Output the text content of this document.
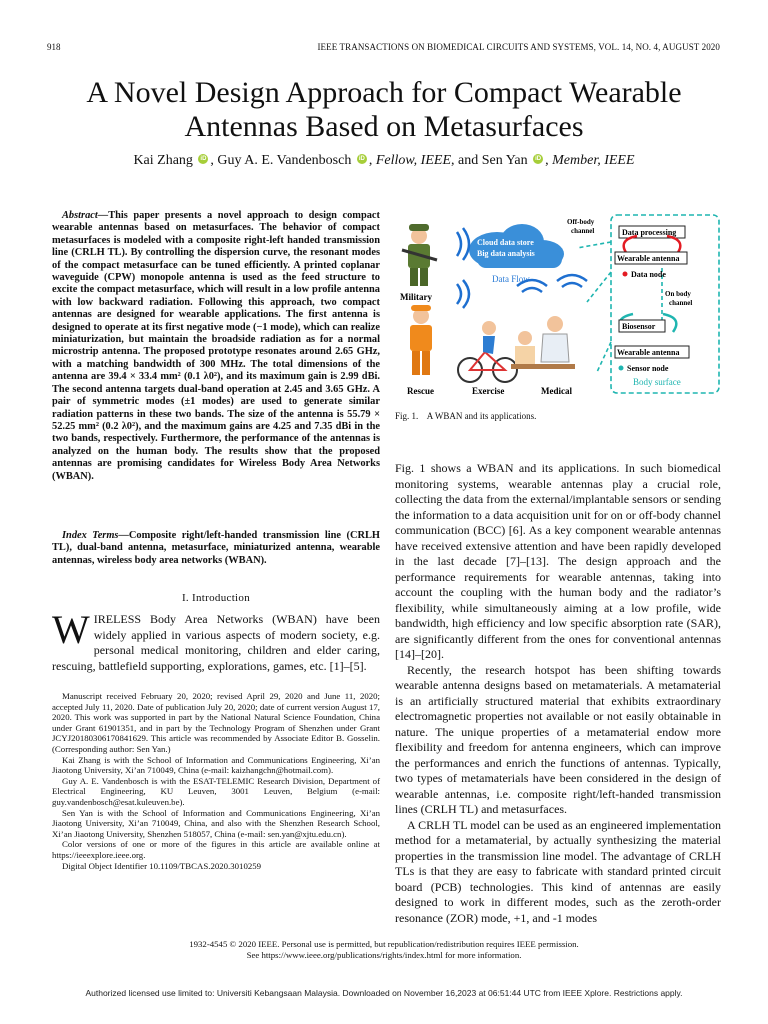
918	IEEE TRANSACTIONS ON BIOMEDICAL CIRCUITS AND SYSTEMS, VOL. 14, NO. 4, AUGUST 2020
A Novel Design Approach for Compact Wearable Antennas Based on Metasurfaces
Kai Zhang iD , Guy A. E. Vandenbosch iD , Fellow, IEEE, and Sen Yan iD , Member, IEEE
Abstract—This paper presents a novel approach to design compact wearable antennas based on metasurfaces. The behavior of compact metasurfaces is modeled with a composite right-left handed transmission line (CRLH TL). By controlling the dispersion curve, the resonant modes of the compact metasurface can be tuned efficiently. A printed coplanar waveguide (CPW) monopole antenna is used as the feed structure to excite the compact metasurface, which will result in a low profile antenna with low backward radiation. Following this approach, two compact antennas are designed for wearable applications. The first antenna is designed to operate at its first negative mode (−1 mode), which can realize miniaturization, but maintain the broadside radiation as for a normal microstrip antenna. The proposed prototype resonates around 2.65 GHz, with a matching bandwidth of 300 MHz. The total dimensions of the antenna are 39.4 × 33.4 mm² (0.1 λ0²), and its maximum gain is 2.99 dBi. The second antenna targets dual-band operation at 2.45 and 3.65 GHz. A pair of symmetric modes (±1 modes) are used to generate similar radiation patterns in these two bands. The size of the antenna is 55.79 × 52.25 mm² (0.2 λ0²), and the maximum gains are 4.25 and 7.35 dBi in the two bands, respectively. Furthermore, the performance of the antennas is analyzed on the human body. The results show that the proposed antennas are promising candidates for Wireless Body Area Networks (WBAN).
Index Terms—Composite right/left-handed transmission line (CRLH TL), dual-band antenna, metasurface, miniaturized antenna, wearable antennas, wireless body area networks (WBAN).
I. Introduction
WIRELESS Body Area Networks (WBAN) have been widely applied in various aspects of modern society, e.g. personal medical monitoring, children and elder caring, rescuing, battlefield supporting, explorations, games, etc. [1]–[5].

Manuscript received February 20, 2020; revised April 29, 2020 and June 11, 2020; accepted July 11, 2020. Date of publication July 20, 2020; date of current version August 17, 2020. This work was supported in part by the National Natural Science Foundation, China under Grant 61901351, and in part by the Technology Program of Shenzhen under Grant JCYJ20180306170841629. This article was recommended by Associate Editor B. Gosselin. (Corresponding author: Sen Yan.)

Kai Zhang is with the School of Information and Communications Engineering, Xi’an Jiaotong University, Xi’an 710049, China (e-mail: kaizhangchn@hotmail.com).

Guy A. E. Vandenbosch is with the ESAT-TELEMIC Research Division, Department of Electrical Engineering, KU Leuven, 3001 Leuven, Belgium (e-mail: guy.vandenbosch@esat.kuleuven.be).

Sen Yan is with the School of Information and Communications Engineering, Xi’an Jiaotong University, Xi’an 710049, China, and also with the Shenzhen Research School, Xi’an Jiaotong University, Shenzhen 518057, China (e-mail: sen.yan@xjtu.edu.cn).

Color versions of one or more of the figures in this article are available online at https://ieeexplore.ieee.org.

Digital Object Identifier 10.1109/TBCAS.2020.3010259

Cloud data store
Big data analysis
Data Flow
Military
Rescue	Exercise	Medical
Off-body
channel	Data processing
Wearable antenna
Data node
On body
channel
Biosensor
Wearable antenna
Sensor node
Body surface
Fig. 1.    A WBAN and its applications.

Fig. 1 shows a WBAN and its applications. In such biomedical monitoring systems, wearable antennas play a crucial role, collecting the data from the external/implantable sensors or sending the information to a data acquisition unit for on or off-body channel communication (BCC) [6]. As a key component wearable antennas have received extensive attention and have been rapidly developed in the last decade [7]–[13]. The design approach and the performance requirements for wearable antennas, taking into account the coupling with the human body and the radiator’s flexibility, while simultaneously aiming at a low profile, wide bandwidth, high efficiency and low specific absorption rate (SAR), are significantly different from the ones for conventional antennas [14]–[20].

Recently, the research hotspot has been shifting towards wearable antenna designs based on metamaterials. A metamaterial is an artificially structured material that exhibits extraordinary electromagnetic properties not available or not easily obtainable in nature. The unique properties of a metamaterial endow more flexibility and freedom for antenna engineers, which can improve the performances and enrich the functions of antennas. Typically, two types of metamaterials have been considered in the design of wearable antennas, i.e. composite right/left-handed transmission lines (CRLH TL) and metasurfaces.

A CRLH TL model can be used as an engineered implementation method for a metamaterial, by actually synthesizing the material properties in the transmission line model. The advantage of CRLH TLs is that they are easy to fabricate with standard printed circuit board (PCB) technologies. This kind of antennas are easily designed to work in different modes, such as the zeroth-order resonance (ZOR) mode, +1, and -1 modes

1932-4545 © 2020 IEEE. Personal use is permitted, but republication/redistribution requires IEEE permission.
See https://www.ieee.org/publications/rights/index.html for more information.
Authorized licensed use limited to: Universiti Kebangsaan Malaysia. Downloaded on November 16,2023 at 06:51:44 UTC from IEEE Xplore. Restrictions apply.
